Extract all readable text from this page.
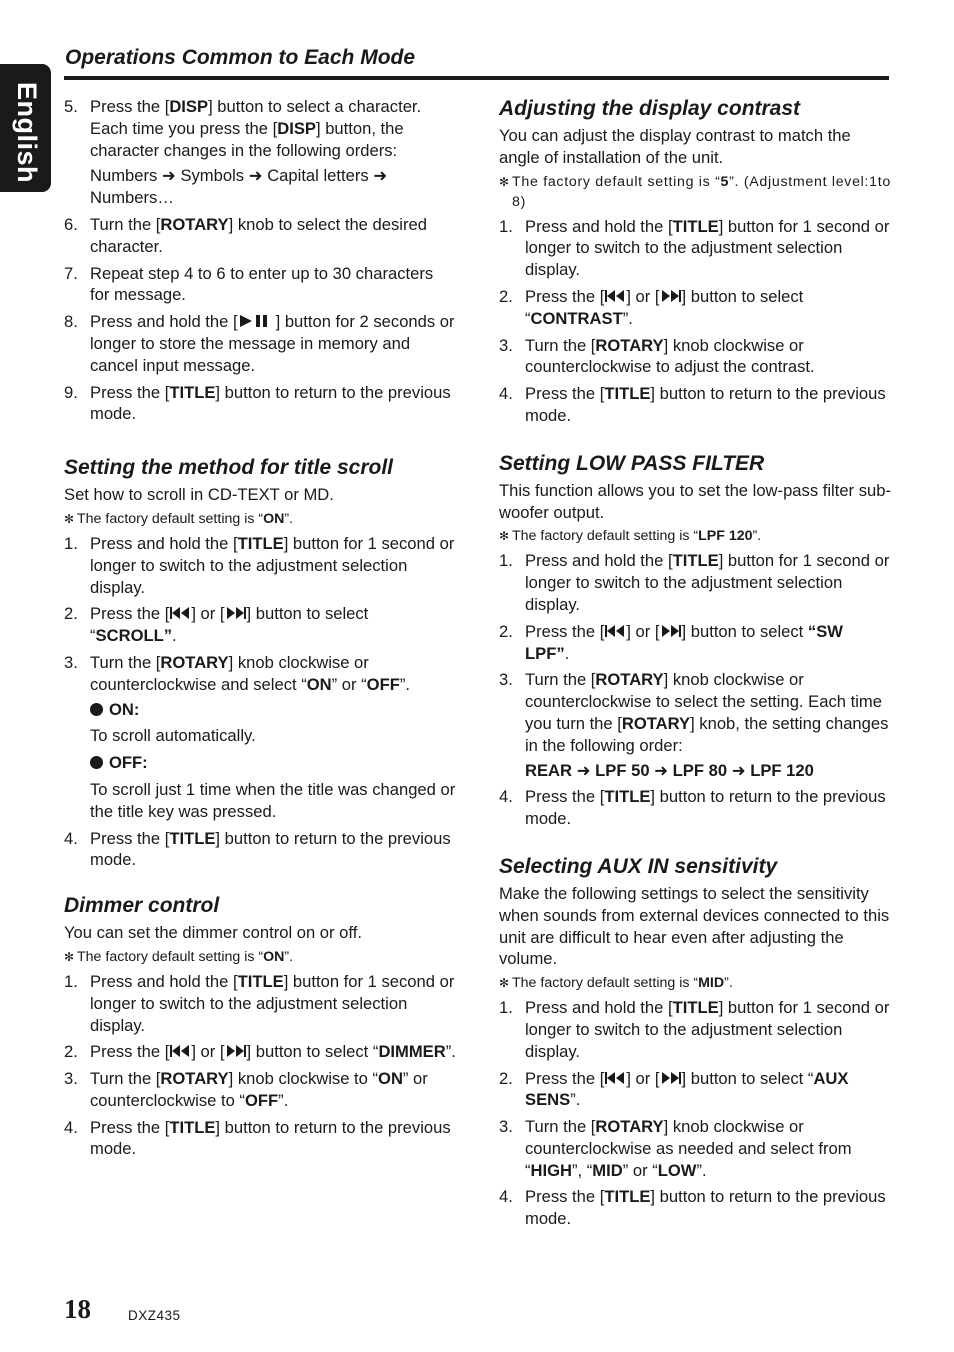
English
Operations Common to Each Mode
5. Press the [DISP] button to select a character. Each time you press the [DISP] button, the character changes in the following orders:
Numbers ➜ Symbols ➜ Capital letters ➜ Numbers…
6. Turn the [ROTARY] knob to select the desired character.
7. Repeat step 4 to 6 to enter up to 30 characters for message.
8. Press and hold the [ ] button for 2 seconds or longer to store the message in memory and cancel input message.
9. Press the [TITLE] button to return to the previous mode.
Setting the method for title scroll

Set how to scroll in CD-TEXT or MD.

✻ The factory default setting is “ON”.

1. Press and hold the [TITLE] button for 1 second or longer to switch to the adjustment selection display.
2. Press the [ ] or [ ] button to select “SCROLL”.
3. Turn the [ROTARY] knob clockwise or counterclockwise and select “ON” or “OFF”.
ON:
To scroll automatically.
OFF:
To scroll just 1 time when the title was changed or the title key was pressed.
4. Press the [TITLE] button to return to the previous mode.
Dimmer control

You can set the dimmer control on or off.

✻ The factory default setting is “ON”.

1. Press and hold the [TITLE] button for 1 second or longer to switch to the adjustment selection display.
2. Press the [ ] or [ ] button to select “DIMMER”.
3. Turn the [ROTARY] knob clockwise to “ON” or counterclockwise to “OFF”.
4. Press the [TITLE] button to return to the previous mode.
Adjusting the display contrast

You can adjust the display contrast to match the angle of installation of the unit.

✻ The factory default setting is “5”. (Adjustment level:1to 8)

1. Press and hold the [TITLE] button for 1 second or longer to switch to the adjustment selection display.
2. Press the [ ] or [ ] button to select “CONTRAST”.
3. Turn the [ROTARY] knob clockwise or counterclockwise to adjust the contrast.
4. Press the [TITLE] button to return to the previous mode.
Setting LOW PASS FILTER

This function allows you to set the low-pass filter sub-woofer output.

✻ The factory default setting is “LPF 120”.

1. Press and hold the [TITLE] button for 1 second or longer to switch to the adjustment selection display.
2. Press the [ ] or [ ] button to select “SW LPF”.
3. Turn the [ROTARY] knob clockwise or counterclockwise to select the setting. Each time you turn the [ROTARY] knob, the setting changes in the following order:
REAR ➜ LPF 50 ➜ LPF 80 ➜ LPF 120
4. Press the [TITLE] button to return to the previous mode.
Selecting AUX IN sensitivity

Make the following settings to select the sensitivity when sounds from external devices connected to this unit are difficult to hear even after adjusting the volume.

✻ The factory default setting is “MID”.

1. Press and hold the [TITLE] button for 1 second or longer to switch to the adjustment selection display.
2. Press the [ ] or [ ] button to select “AUX SENS”.
3. Turn the [ROTARY] knob clockwise or counterclockwise as needed and select from “HIGH”, “MID” or “LOW”.
4. Press the [TITLE] button to return to the previous mode.
18	DXZ435
